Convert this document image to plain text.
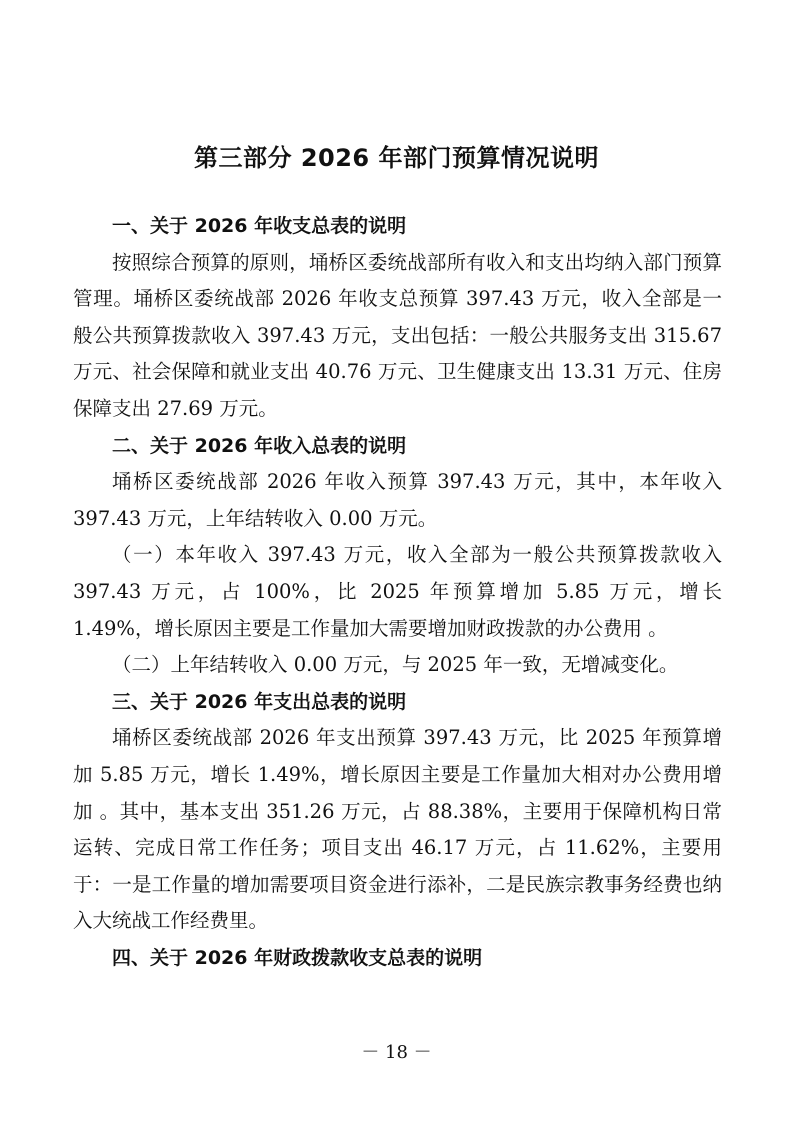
第三部分 2026 年部门预算情况说明

一、关于 2026 年收支总表的说明

按照综合预算的原则，埇桥区委统战部所有收入和支出均纳入部门预算管理。埇桥区委统战部 2026 年收支总预算 397.43 万元，收入全部是一般公共预算拨款收入 397.43 万元，支出包括：一般公共服务支出 315.67 万元、社会保障和就业支出 40.76 万元、卫生健康支出 13.31 万元、住房保障支出 27.69 万元。

二、关于 2026 年收入总表的说明

埇桥区委统战部 2026 年收入预算 397.43 万元，其中，本年收入 397.43 万元，上年结转收入 0.00 万元。

（一）本年收入 397.43 万元，收入全部为一般公共预算拨款收入 397.43 万元，占 100%，比 2025 年预算增加 5.85 万元，增长 1.49%，增长原因主要是工作量加大需要增加财政拨款的办公费用 。

（二）上年结转收入 0.00 万元，与 2025 年一致，无增减变化。

三、关于 2026 年支出总表的说明

埇桥区委统战部 2026 年支出预算 397.43 万元，比 2025 年预算增加 5.85 万元，增长 1.49%，增长原因主要是工作量加大相对办公费用增加 。其中，基本支出 351.26 万元，占 88.38%，主要用于保障机构日常运转、完成日常工作任务；项目支出 46.17 万元，占 11.62%，主要用于：一是工作量的增加需要项目资金进行添补，二是民族宗教事务经费也纳入大统战工作经费里。

四、关于 2026 年财政拨款收支总表的说明

－ 18 －
